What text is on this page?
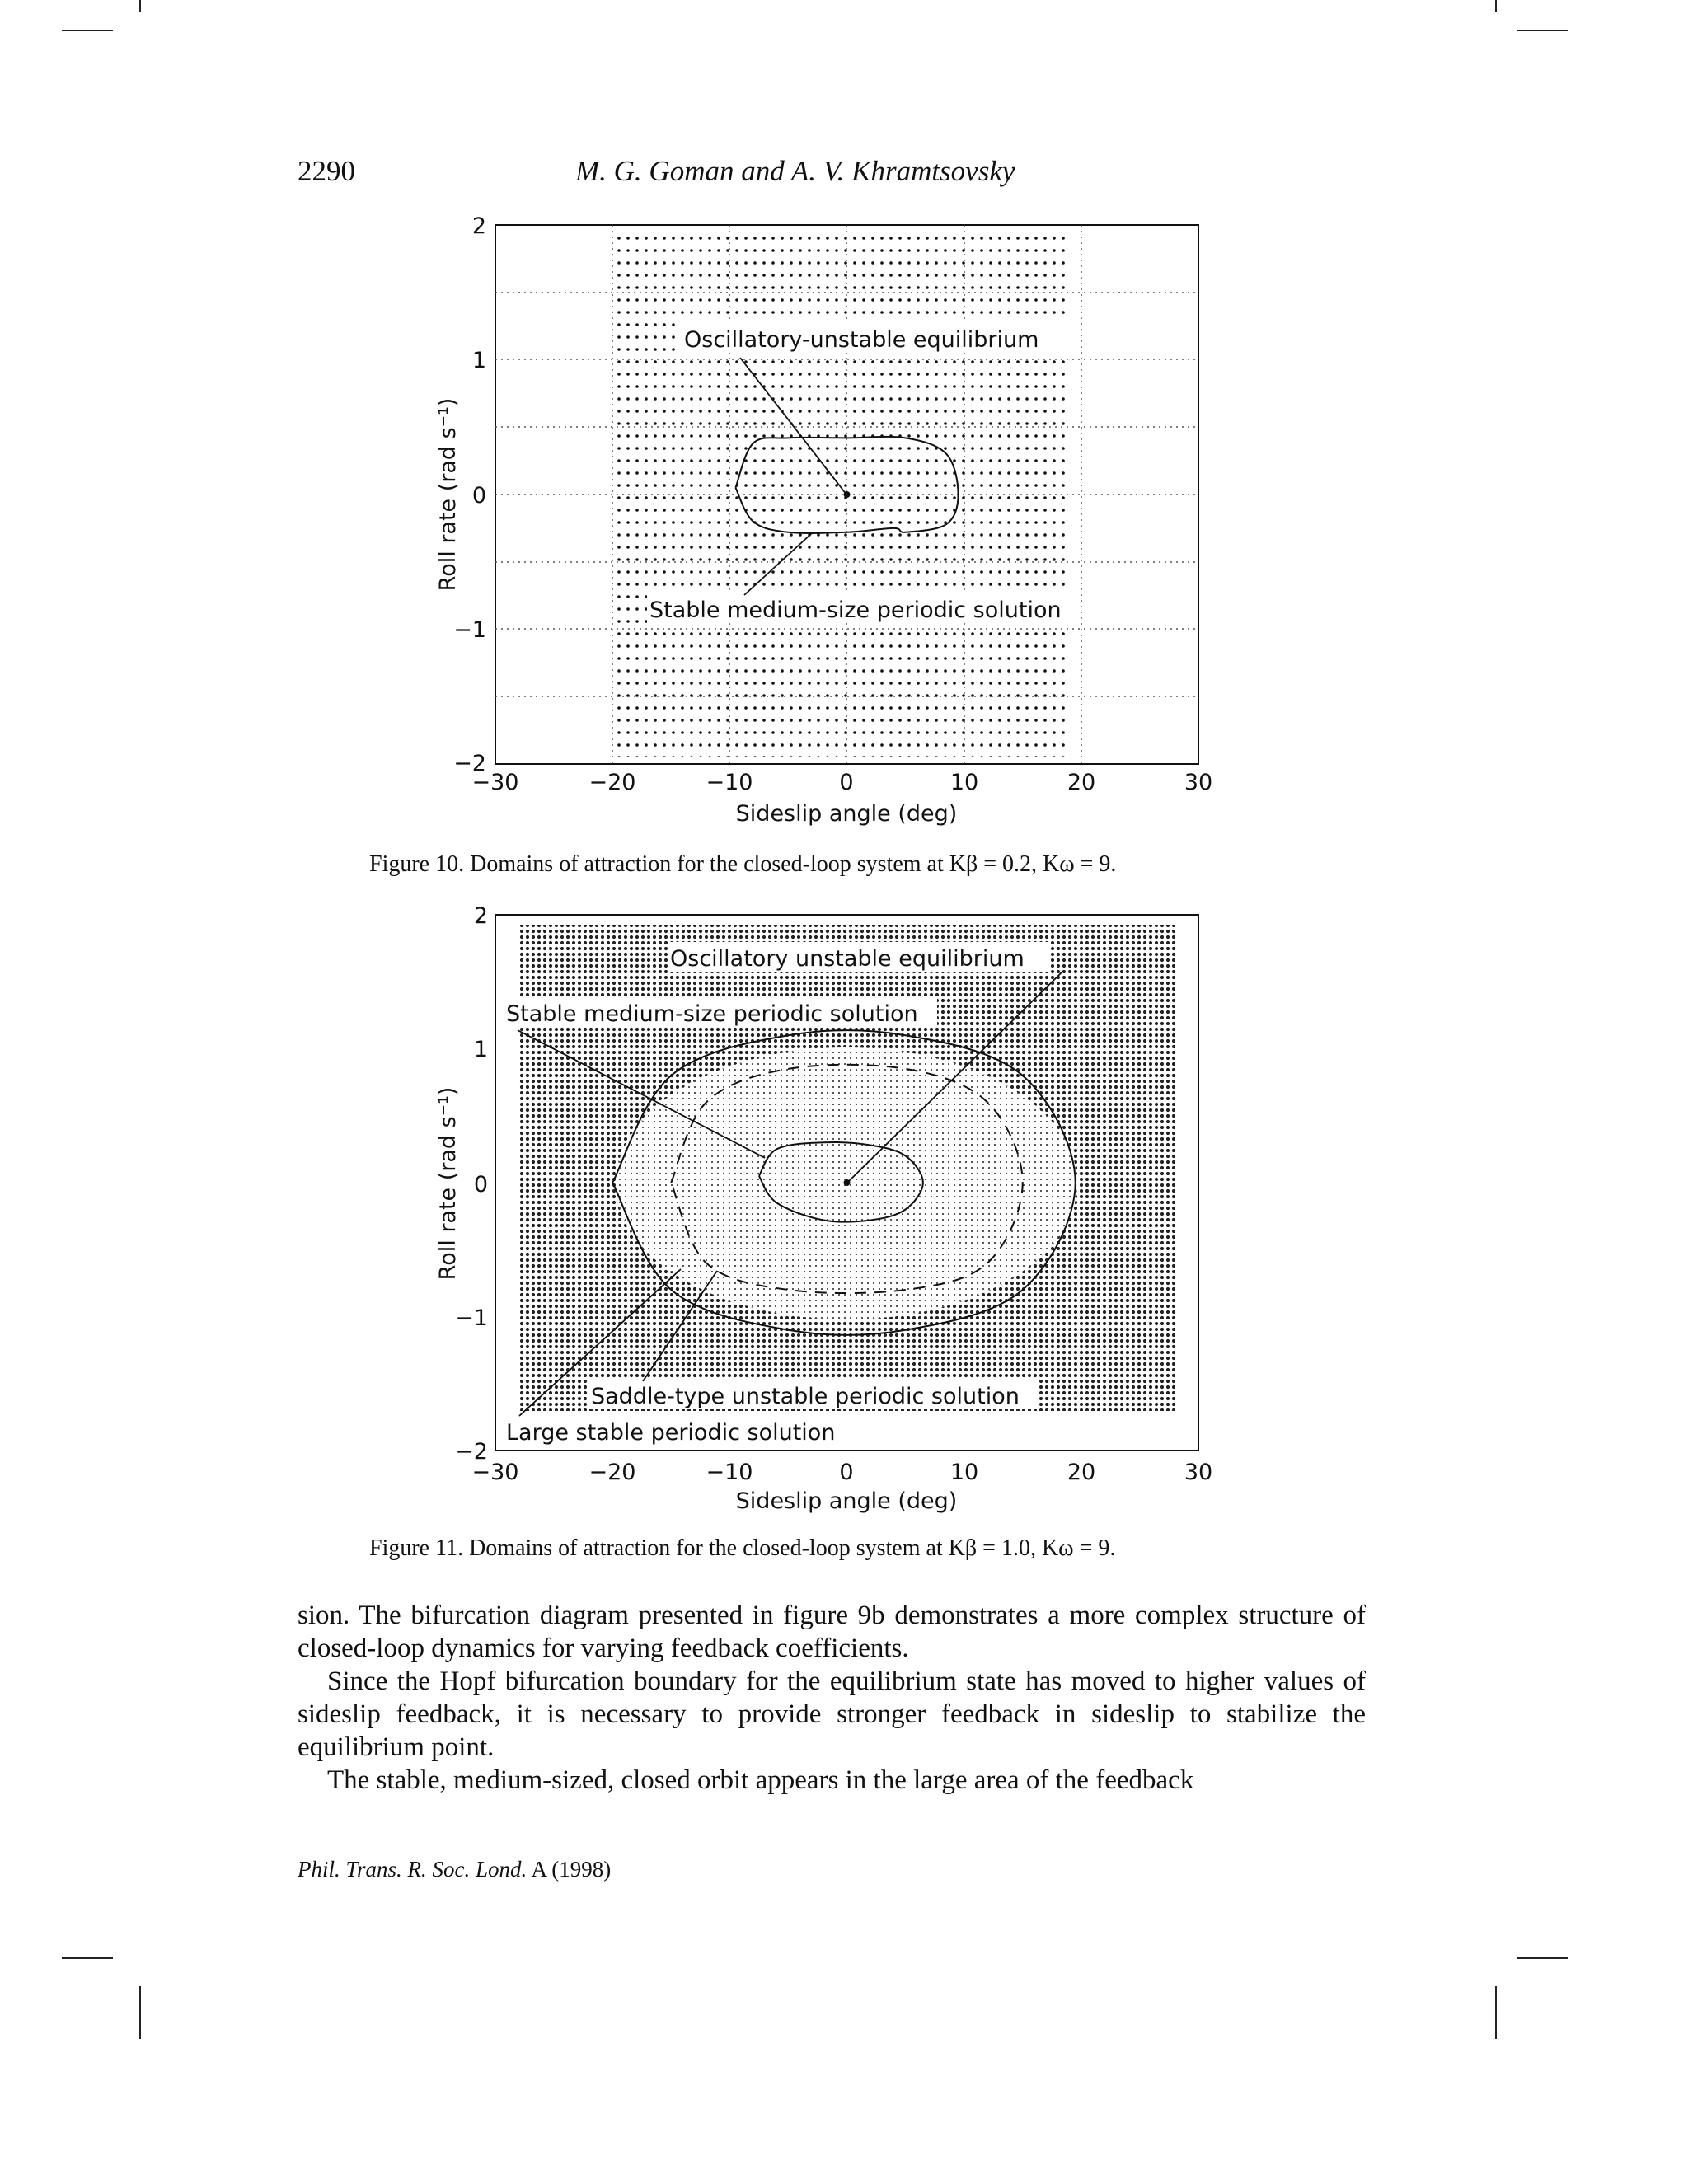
2290	M. G. Goman and A. V. Khramtsovsky
Oscillatory-unstable equilibrium
Stable medium-size periodic solution
2
1
0
−1
−2
−30	−20	−10	0	10	20	30
Sideslip angle (deg)
Roll rate (rad s⁻¹)
Oscillatory unstable equilibrium
Stable medium-size periodic solution
Saddle-type unstable periodic solution
Large stable periodic solution
2
1
0
−1
−2
−30	−20	−10	0	10	20	30
Sideslip angle (deg)
Roll rate (rad s⁻¹)
Figure 10. Domains of attraction for the closed-loop system at Kβ = 0.2, Kω = 9.
Figure 11. Domains of attraction for the closed-loop system at Kβ = 1.0, Kω = 9.

sion. The bifurcation diagram presented in figure 9b demonstrates a more complex structure of closed-loop dynamics for varying feedback coefficients.

Since the Hopf bifurcation boundary for the equilibrium state has moved to higher values of sideslip feedback, it is necessary to provide stronger feedback in sideslip to stabilize the equilibrium point.

The stable, medium-sized, closed orbit appears in the large area of the feedback

Phil. Trans. R. Soc. Lond. A (1998)
